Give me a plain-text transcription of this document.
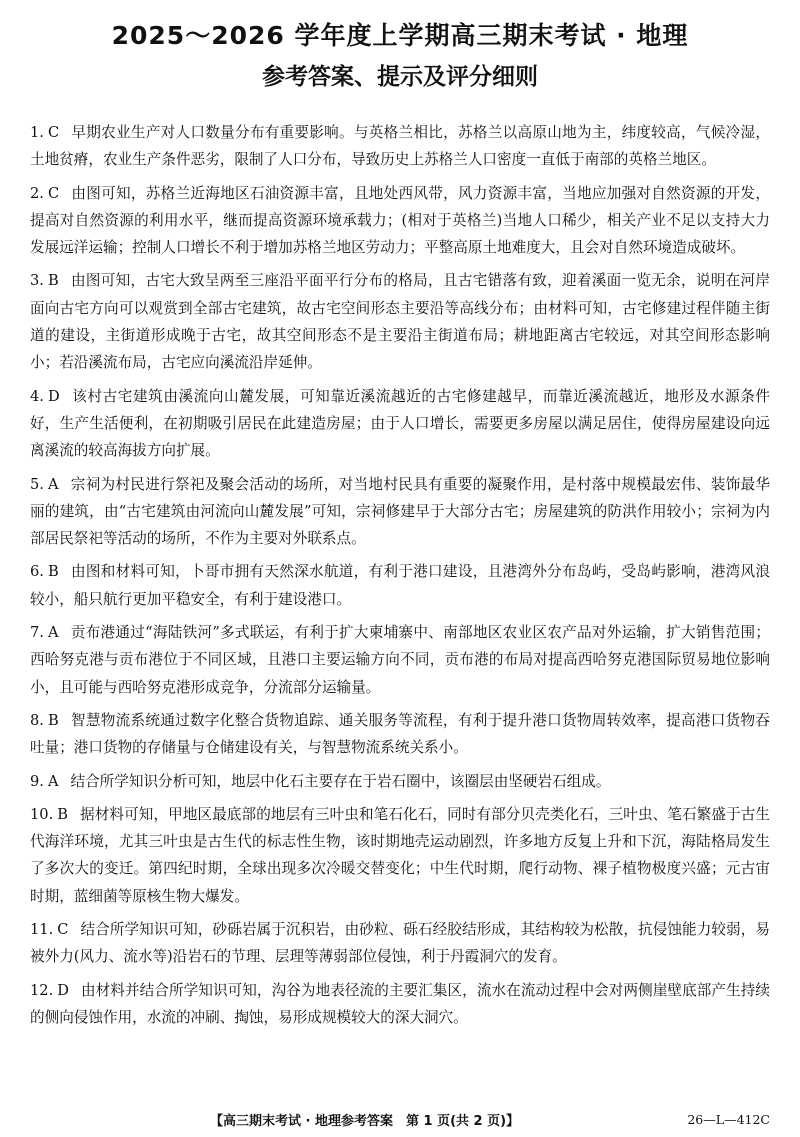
2025～2026 学年度上学期高三期末考试 · 地理
参考答案、提示及评分细则

1. C 早期农业生产对人口数量分布有重要影响。与英格兰相比，苏格兰以高原山地为主，纬度较高，气候冷湿，土地贫瘠，农业生产条件恶劣，限制了人口分布，导致历史上苏格兰人口密度一直低于南部的英格兰地区。

2. C 由图可知，苏格兰近海地区石油资源丰富，且地处西风带，风力资源丰富，当地应加强对自然资源的开发，提高对自然资源的利用水平，继而提高资源环境承载力；(相对于英格兰)当地人口稀少，相关产业不足以支持大力发展远洋运输；控制人口增长不利于增加苏格兰地区劳动力；平整高原土地难度大，且会对自然环境造成破坏。

3. B 由图可知，古宅大致呈两至三座沿平面平行分布的格局，且古宅错落有致，迎着溪面一览无余，说明在河岸面向古宅方向可以观赏到全部古宅建筑，故古宅空间形态主要沿等高线分布；由材料可知，古宅修建过程伴随主街道的建设，主街道形成晚于古宅，故其空间形态不是主要沿主街道布局；耕地距离古宅较远，对其空间形态影响小；若沿溪流布局，古宅应向溪流沿岸延伸。

4. D 该村古宅建筑由溪流向山麓发展，可知靠近溪流越近的古宅修建越早，而靠近溪流越近，地形及水源条件好，生产生活便利，在初期吸引居民在此建造房屋；由于人口增长，需要更多房屋以满足居住，使得房屋建设向远离溪流的较高海拔方向扩展。

5. A 宗祠为村民进行祭祀及聚会活动的场所，对当地村民具有重要的凝聚作用，是村落中规模最宏伟、装饰最华丽的建筑，由“古宅建筑由河流向山麓发展”可知，宗祠修建早于大部分古宅；房屋建筑的防洪作用较小；宗祠为内部居民祭祀等活动的场所，不作为主要对外联系点。

6. B 由图和材料可知，卜哥市拥有天然深水航道，有利于港口建设，且港湾外分布岛屿，受岛屿影响，港湾风浪较小，船只航行更加平稳安全，有利于建设港口。

7. A 贡布港通过“海陆铁河”多式联运，有利于扩大柬埔寨中、南部地区农业区农产品对外运输，扩大销售范围；西哈努克港与贡布港位于不同区域，且港口主要运输方向不同，贡布港的布局对提高西哈努克港国际贸易地位影响小，且可能与西哈努克港形成竞争，分流部分运输量。

8. B 智慧物流系统通过数字化整合货物追踪、通关服务等流程，有利于提升港口货物周转效率，提高港口货物吞吐量；港口货物的存储量与仓储建设有关，与智慧物流系统关系小。

9. A 结合所学知识分析可知，地层中化石主要存在于岩石圈中，该圈层由坚硬岩石组成。

10. B 据材料可知，甲地区最底部的地层有三叶虫和笔石化石，同时有部分贝壳类化石，三叶虫、笔石繁盛于古生代海洋环境，尤其三叶虫是古生代的标志性生物，该时期地壳运动剧烈，许多地方反复上升和下沉，海陆格局发生了多次大的变迁。第四纪时期，全球出现多次冷暖交替变化；中生代时期，爬行动物、裸子植物极度兴盛；元古宙时期，蓝细菌等原核生物大爆发。

11. C 结合所学知识可知，砂砾岩属于沉积岩，由砂粒、砾石经胶结形成，其结构较为松散，抗侵蚀能力较弱，易被外力(风力、流水等)沿岩石的节理、层理等薄弱部位侵蚀，利于丹霞洞穴的发育。

12. D 由材料并结合所学知识可知，沟谷为地表径流的主要汇集区，流水在流动过程中会对两侧崖壁底部产生持续的侧向侵蚀作用，水流的冲刷、掏蚀，易形成规模较大的深大洞穴。

【高三期末考试 · 地理参考答案　第 1 页(共 2 页)】	26—L—412C
